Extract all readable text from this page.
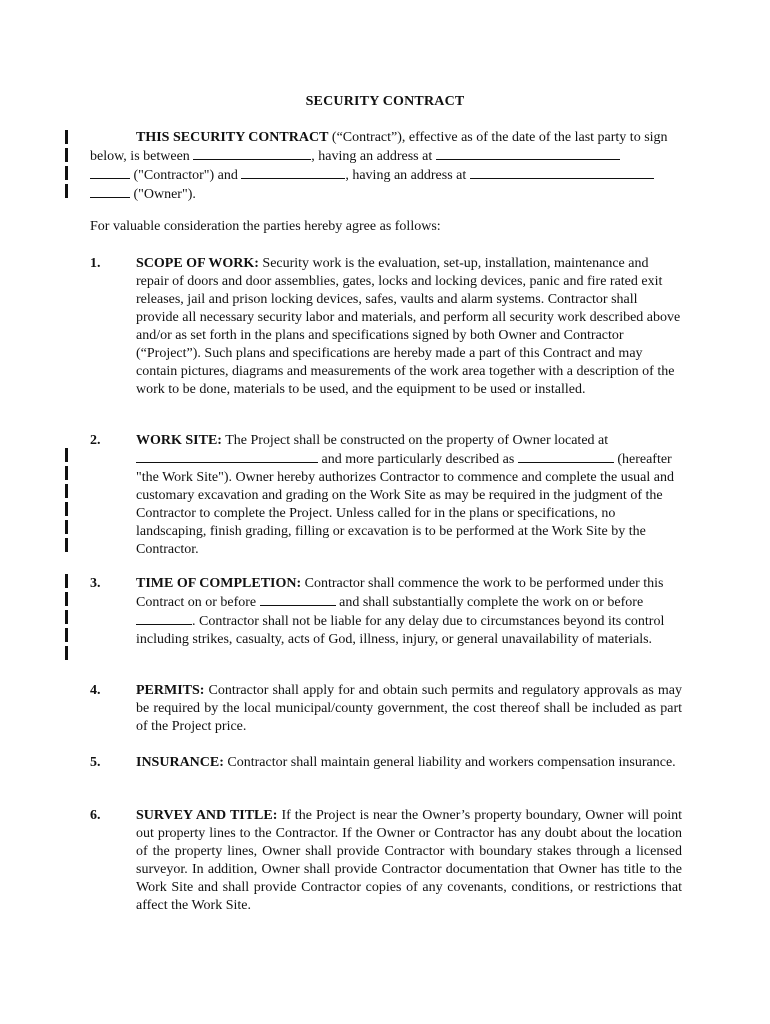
SECURITY CONTRACT

THIS SECURITY CONTRACT (“Contract”), effective as of the date of the last party to sign below, is between	, having an address at
("Contractor") and	, having an address at
("Owner").

For valuable consideration the parties hereby agree as follows:

1.	SCOPE OF WORK: Security work is the evaluation, set-up, installation, maintenance and repair of doors and door assemblies, gates, locks and locking devices, panic and fire rated exit releases, jail and prison locking devices, safes, vaults and alarm systems. Contractor shall provide all necessary security labor and materials, and perform all security work described above and/or as set forth in the plans and specifications signed by both Owner and Contractor (“Project”). Such plans and specifications are hereby made a part of this Contract and may contain pictures, diagrams and measurements of the work area together with a description of the work to be done, materials to be used, and the equipment to be used or installed.
2.	WORK SITE: The Project shall be constructed on the property of Owner located at  and more particularly described as	(hereafter "the Work Site"). Owner hereby authorizes Contractor to commence and complete the usual and customary excavation and grading on the Work Site as may be required in the judgment of the Contractor to complete the Project. Unless called for in the plans or specifications, no landscaping, finish grading, filling or excavation is to be performed at the Work Site by the Contractor.
3.	TIME OF COMPLETION: Contractor shall commence the work to be performed under this Contract on or before	and shall substantially complete the work on or before . Contractor shall not be liable for any delay due to circumstances beyond its control including strikes, casualty, acts of God, illness, injury, or general unavailability of materials.
4.	PERMITS: Contractor shall apply for and obtain such permits and regulatory approvals as may be required by the local municipal/county government, the cost thereof shall be included as part of the Project price.
5.	INSURANCE: Contractor shall maintain general liability and workers compensation insurance.
6.	SURVEY AND TITLE: If the Project is near the Owner’s property boundary, Owner will point out property lines to the Contractor. If the Owner or Contractor has any doubt about the location of the property lines, Owner shall provide Contractor with boundary stakes through a licensed surveyor. In addition, Owner shall provide Contractor documentation that Owner has title to the Work Site and shall provide Contractor copies of any covenants, conditions, or restrictions that affect the Work Site.
